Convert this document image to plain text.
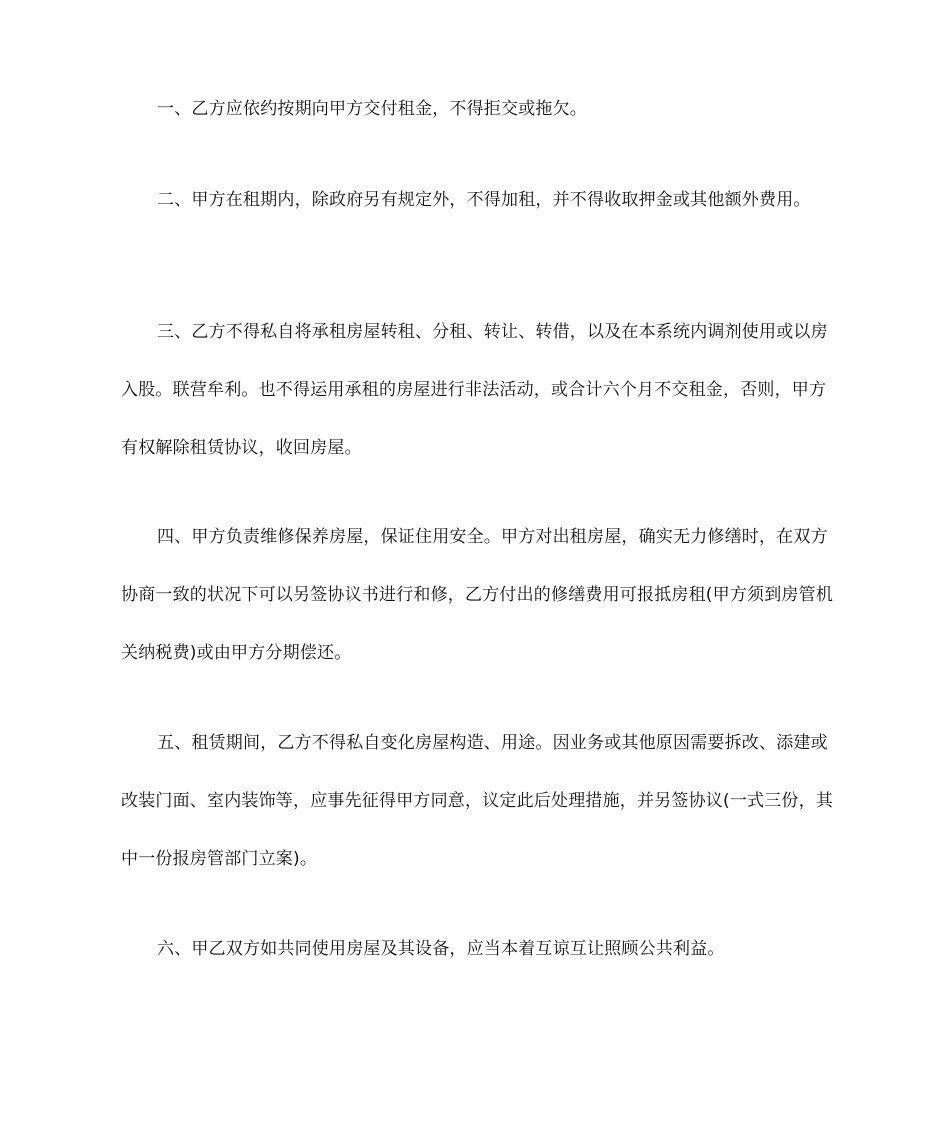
一、乙方应依约按期向甲方交付租金，不得拒交或拖欠。

二、甲方在租期内，除政府另有规定外，不得加租，并不得收取押金或其他额外费用。

三、乙方不得私自将承租房屋转租、分租、转让、转借，以及在本系统内调剂使用或以房入股。联营牟利。也不得运用承租的房屋进行非法活动，或合计六个月不交租金，否则，甲方有权解除租赁协议，收回房屋。

四、甲方负责维修保养房屋，保证住用安全。甲方对出租房屋，确实无力修缮时，在双方协商一致的状况下可以另签协议书进行和修，乙方付出的修缮费用可报抵房租(甲方须到房管机关纳税费)或由甲方分期偿还。

五、租赁期间，乙方不得私自变化房屋构造、用途。因业务或其他原因需要拆改、添建或改装门面、室内装饰等，应事先征得甲方同意，议定此后处理措施，并另签协议(一式三份，其中一份报房管部门立案)。

六、甲乙双方如共同使用房屋及其设备，应当本着互谅互让照顾公共利益。
